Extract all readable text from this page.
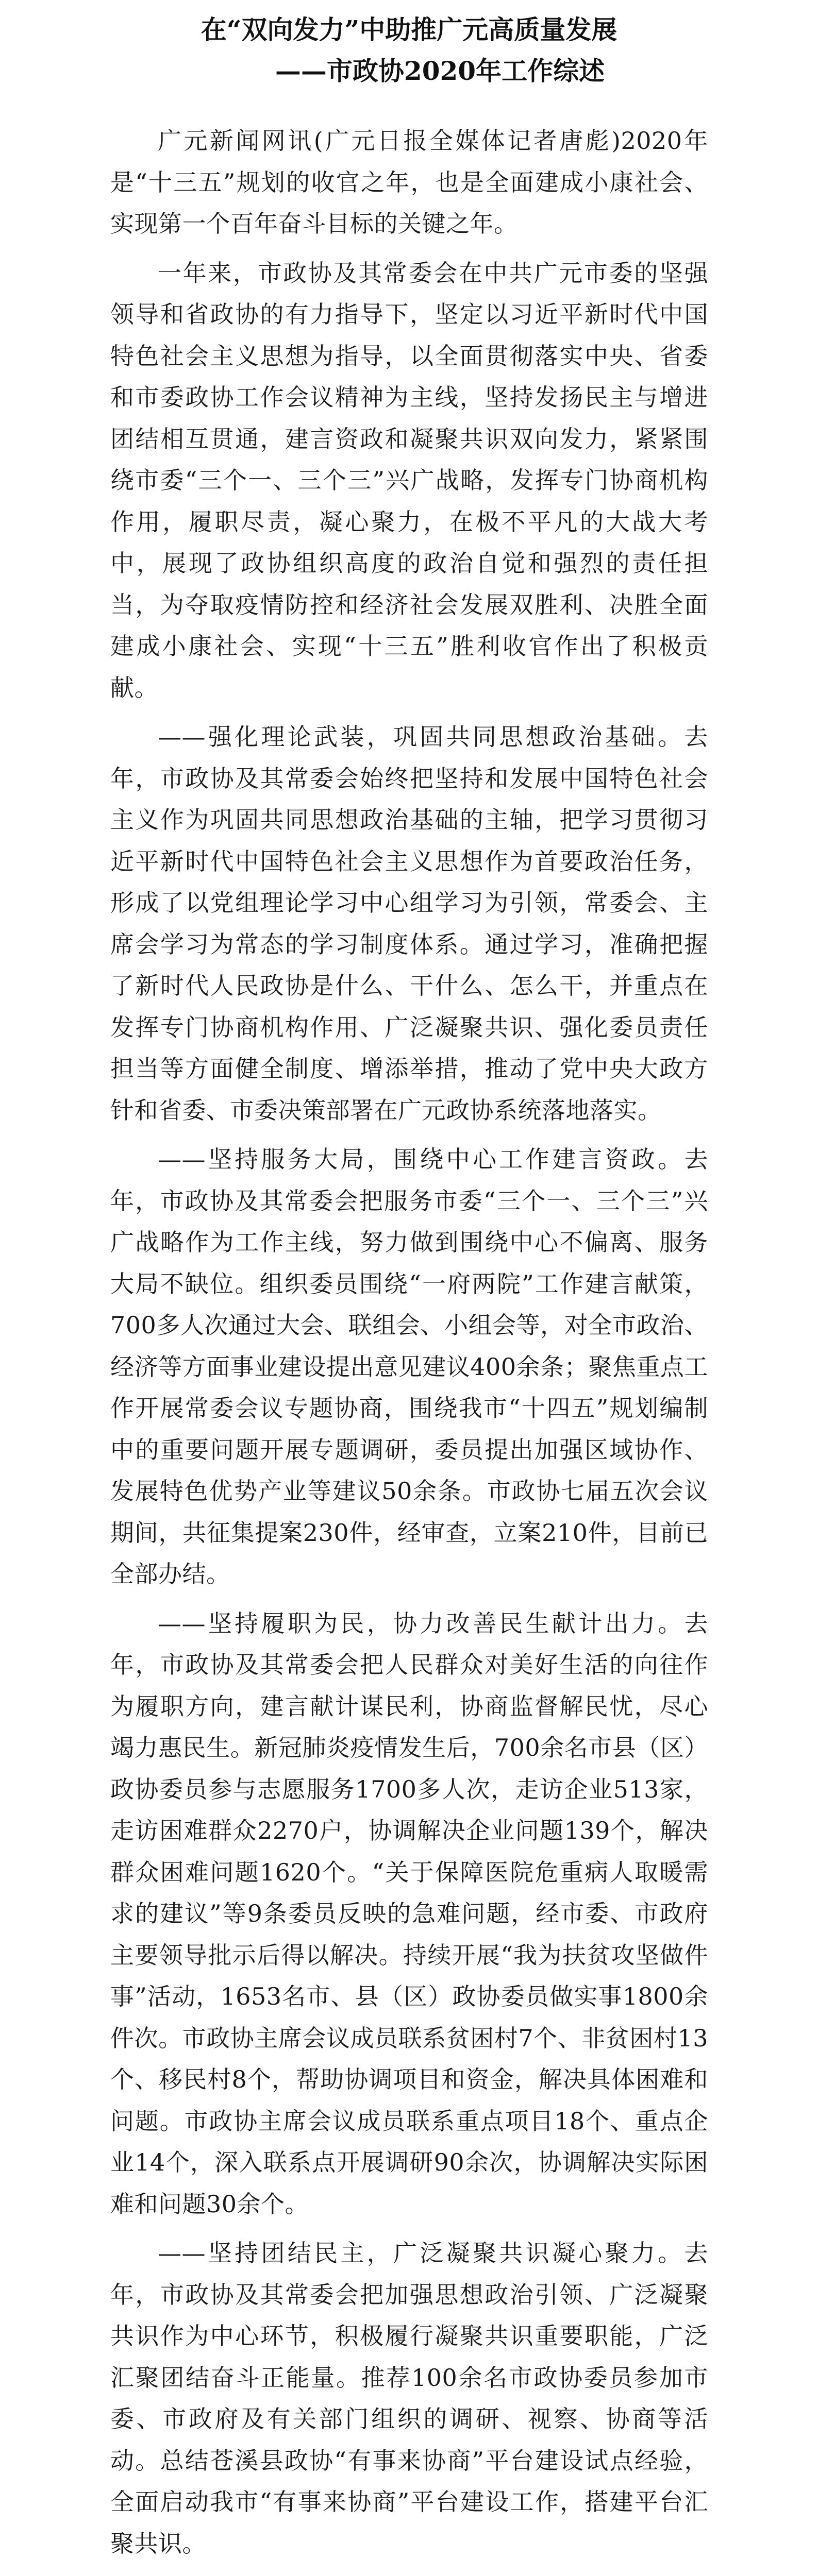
在“双向发力”中助推广元高质量发展
——市政协2020年工作综述

广元新闻网讯(广元日报全媒体记者唐彪)2020年是“十三五”规划的收官之年，也是全面建成小康社会、实现第一个百年奋斗目标的关键之年。

一年来，市政协及其常委会在中共广元市委的坚强领导和省政协的有力指导下，坚定以习近平新时代中国特色社会主义思想为指导，以全面贯彻落实中央、省委和市委政协工作会议精神为主线，坚持发扬民主与增进团结相互贯通，建言资政和凝聚共识双向发力，紧紧围绕市委“三个一、三个三”兴广战略，发挥专门协商机构作用，履职尽责，凝心聚力，在极不平凡的大战大考中，展现了政协组织高度的政治自觉和强烈的责任担当，为夺取疫情防控和经济社会发展双胜利、决胜全面建成小康社会、实现“十三五”胜利收官作出了积极贡献。

——强化理论武装，巩固共同思想政治基础。去年，市政协及其常委会始终把坚持和发展中国特色社会主义作为巩固共同思想政治基础的主轴，把学习贯彻习近平新时代中国特色社会主义思想作为首要政治任务，形成了以党组理论学习中心组学习为引领，常委会、主席会学习为常态的学习制度体系。通过学习，准确把握了新时代人民政协是什么、干什么、怎么干，并重点在发挥专门协商机构作用、广泛凝聚共识、强化委员责任担当等方面健全制度、增添举措，推动了党中央大政方针和省委、市委决策部署在广元政协系统落地落实。

——坚持服务大局，围绕中心工作建言资政。去年，市政协及其常委会把服务市委“三个一、三个三”兴广战略作为工作主线，努力做到围绕中心不偏离、服务大局不缺位。组织委员围绕“一府两院”工作建言献策，700多人次通过大会、联组会、小组会等，对全市政治、经济等方面事业建设提出意见建议400余条；聚焦重点工作开展常委会议专题协商，围绕我市“十四五”规划编制中的重要问题开展专题调研，委员提出加强区域协作、发展特色优势产业等建议50余条。市政协七届五次会议期间，共征集提案230件，经审查，立案210件，目前已全部办结。

——坚持履职为民，协力改善民生献计出力。去年，市政协及其常委会把人民群众对美好生活的向往作为履职方向，建言献计谋民利，协商监督解民忧，尽心竭力惠民生。新冠肺炎疫情发生后，700余名市县（区）政协委员参与志愿服务1700多人次，走访企业513家，走访困难群众2270户，协调解决企业问题139个，解决群众困难问题1620个。“关于保障医院危重病人取暖需求的建议”等9条委员反映的急难问题，经市委、市政府主要领导批示后得以解决。持续开展“我为扶贫攻坚做件事”活动，1653名市、县（区）政协委员做实事1800余件次。市政协主席会议成员联系贫困村7个、非贫困村13个、移民村8个，帮助协调项目和资金，解决具体困难和问题。市政协主席会议成员联系重点项目18个、重点企业14个，深入联系点开展调研90余次，协调解决实际困难和问题30余个。

——坚持团结民主，广泛凝聚共识凝心聚力。去年，市政协及其常委会把加强思想政治引领、广泛凝聚共识作为中心环节，积极履行凝聚共识重要职能，广泛汇聚团结奋斗正能量。推荐100余名市政协委员参加市委、市政府及有关部门组织的调研、视察、协商等活动。总结苍溪县政协“有事来协商”平台建设试点经验，全面启动我市“有事来协商”平台建设工作，搭建平台汇聚共识。
